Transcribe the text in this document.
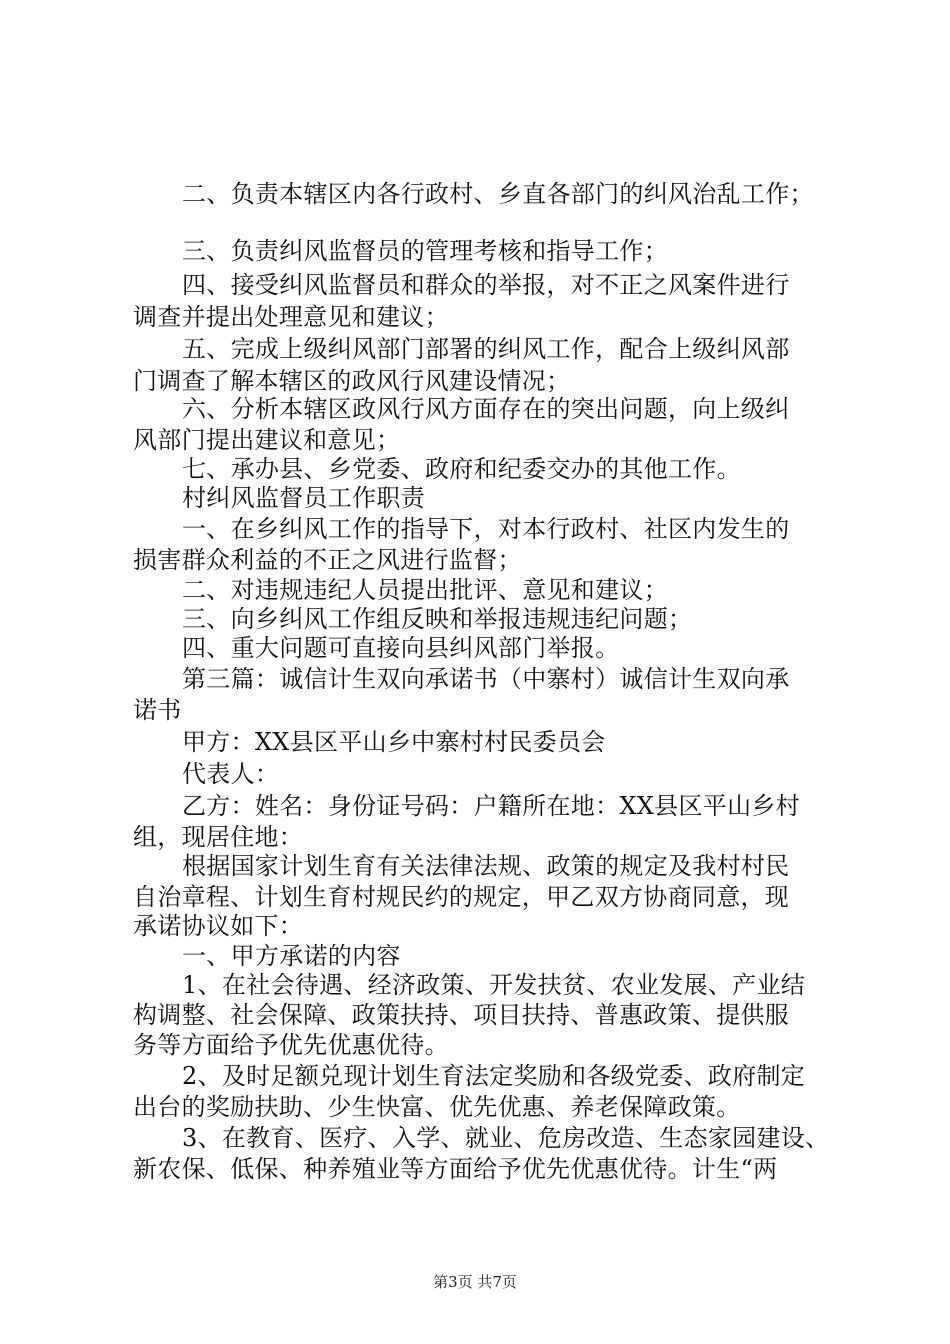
二、负责本辖区内各行政村、乡直各部门的纠风治乱工作；
三、负责纠风监督员的管理考核和指导工作；
四、接受纠风监督员和群众的举报，对不正之风案件进行
调查并提出处理意见和建议；
五、完成上级纠风部门部署的纠风工作，配合上级纠风部
门调查了解本辖区的政风行风建设情况；
六、分析本辖区政风行风方面存在的突出问题，向上级纠
风部门提出建议和意见；
七、承办县、乡党委、政府和纪委交办的其他工作。
村纠风监督员工作职责
一、在乡纠风工作的指导下，对本行政村、社区内发生的
损害群众利益的不正之风进行监督；
二、对违规违纪人员提出批评、意见和建议；
三、向乡纠风工作组反映和举报违规违纪问题；
四、重大问题可直接向县纠风部门举报。
第三篇：诚信计生双向承诺书（中寨村）诚信计生双向承
诺书
甲方：XX县区平山乡中寨村村民委员会
代表人：
乙方：姓名：身份证号码：户籍所在地：XX县区平山乡村
组，现居住地：
根据国家计划生育有关法律法规、政策的规定及我村村民
自治章程、计划生育村规民约的规定，甲乙双方协商同意，现
承诺协议如下：
一、甲方承诺的内容
1、在社会待遇、经济政策、开发扶贫、农业发展、产业结
构调整、社会保障、政策扶持、项目扶持、普惠政策、提供服
务等方面给予优先优惠优待。
2、及时足额兑现计划生育法定奖励和各级党委、政府制定
出台的奖励扶助、少生快富、优先优惠、养老保障政策。
3、在教育、医疗、入学、就业、危房改造、生态家园建设、
新农保、低保、种养殖业等方面给予优先优惠优待。计生“两
第3页 共7页
